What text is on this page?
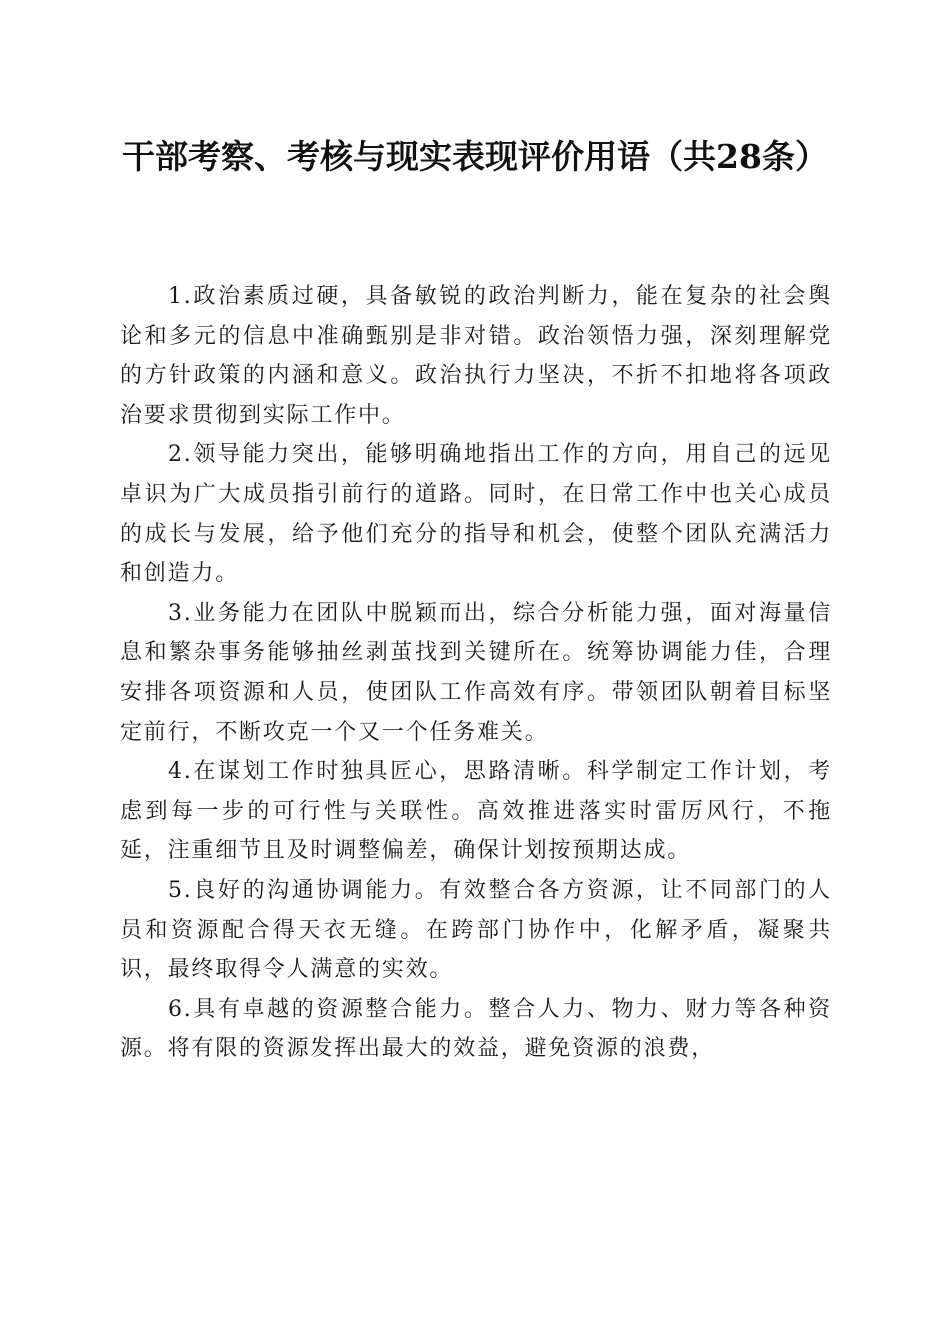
干部考察、考核与现实表现评价用语（共28条）

1.政治素质过硬，具备敏锐的政治判断力，能在复杂的社会舆论和多元的信息中准确甄别是非对错。政治领悟力强，深刻理解党的方针政策的内涵和意义。政治执行力坚决，不折不扣地将各项政治要求贯彻到实际工作中。

2.领导能力突出，能够明确地指出工作的方向，用自己的远见卓识为广大成员指引前行的道路。同时，在日常工作中也关心成员的成长与发展，给予他们充分的指导和机会，使整个团队充满活力和创造力。

3.业务能力在团队中脱颖而出，综合分析能力强，面对海量信息和繁杂事务能够抽丝剥茧找到关键所在。统筹协调能力佳，合理安排各项资源和人员，使团队工作高效有序。带领团队朝着目标坚定前行，不断攻克一个又一个任务难关。

4.在谋划工作时独具匠心，思路清晰。科学制定工作计划，考虑到每一步的可行性与关联性。高效推进落实时雷厉风行，不拖延，注重细节且及时调整偏差，确保计划按预期达成。

5.良好的沟通协调能力。有效整合各方资源，让不同部门的人员和资源配合得天衣无缝。在跨部门协作中，化解矛盾，凝聚共识，最终取得令人满意的实效。

6.具有卓越的资源整合能力。整合人力、物力、财力等各种资源。将有限的资源发挥出最大的效益，避免资源的浪费，
